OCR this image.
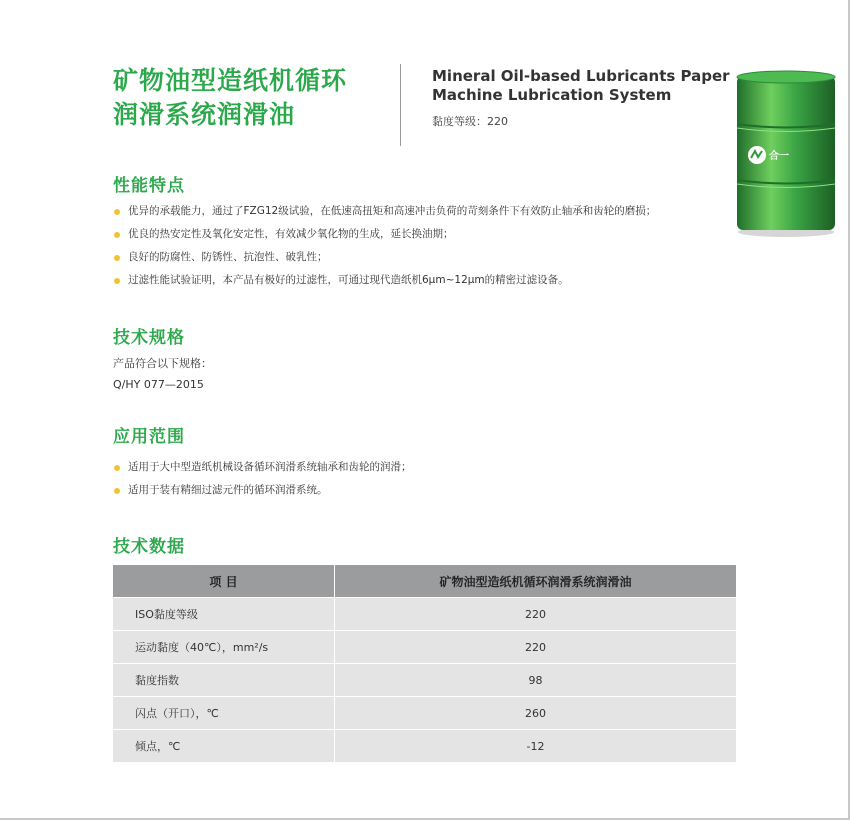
矿物油型造纸机循环
润滑系统润滑油
Mineral Oil-based Lubricants Paper
Machine Lubrication System
黏度等级：220
合一
性能特点
优异的承载能力，通过了FZG12级试验，在低速高扭矩和高速冲击负荷的苛刻条件下有效防止轴承和齿轮的磨损；
优良的热安定性及氧化安定性，有效减少氧化物的生成，延长换油期；
良好的防腐性、防锈性、抗泡性、破乳性；
过滤性能试验证明，本产品有极好的过滤性，可通过现代造纸机6μm~12μm的精密过滤设备。
技术规格
产品符合以下规格：
Q/HY 077—2015
应用范围
适用于大中型造纸机械设备循环润滑系统轴承和齿轮的润滑；
适用于装有精细过滤元件的循环润滑系统。
技术数据
项 目	矿物油型造纸机循环润滑系统润滑油
ISO黏度等级	220
运动黏度（40℃），mm²/s	220
黏度指数	98
闪点（开口），℃	260
倾点，℃	-12
